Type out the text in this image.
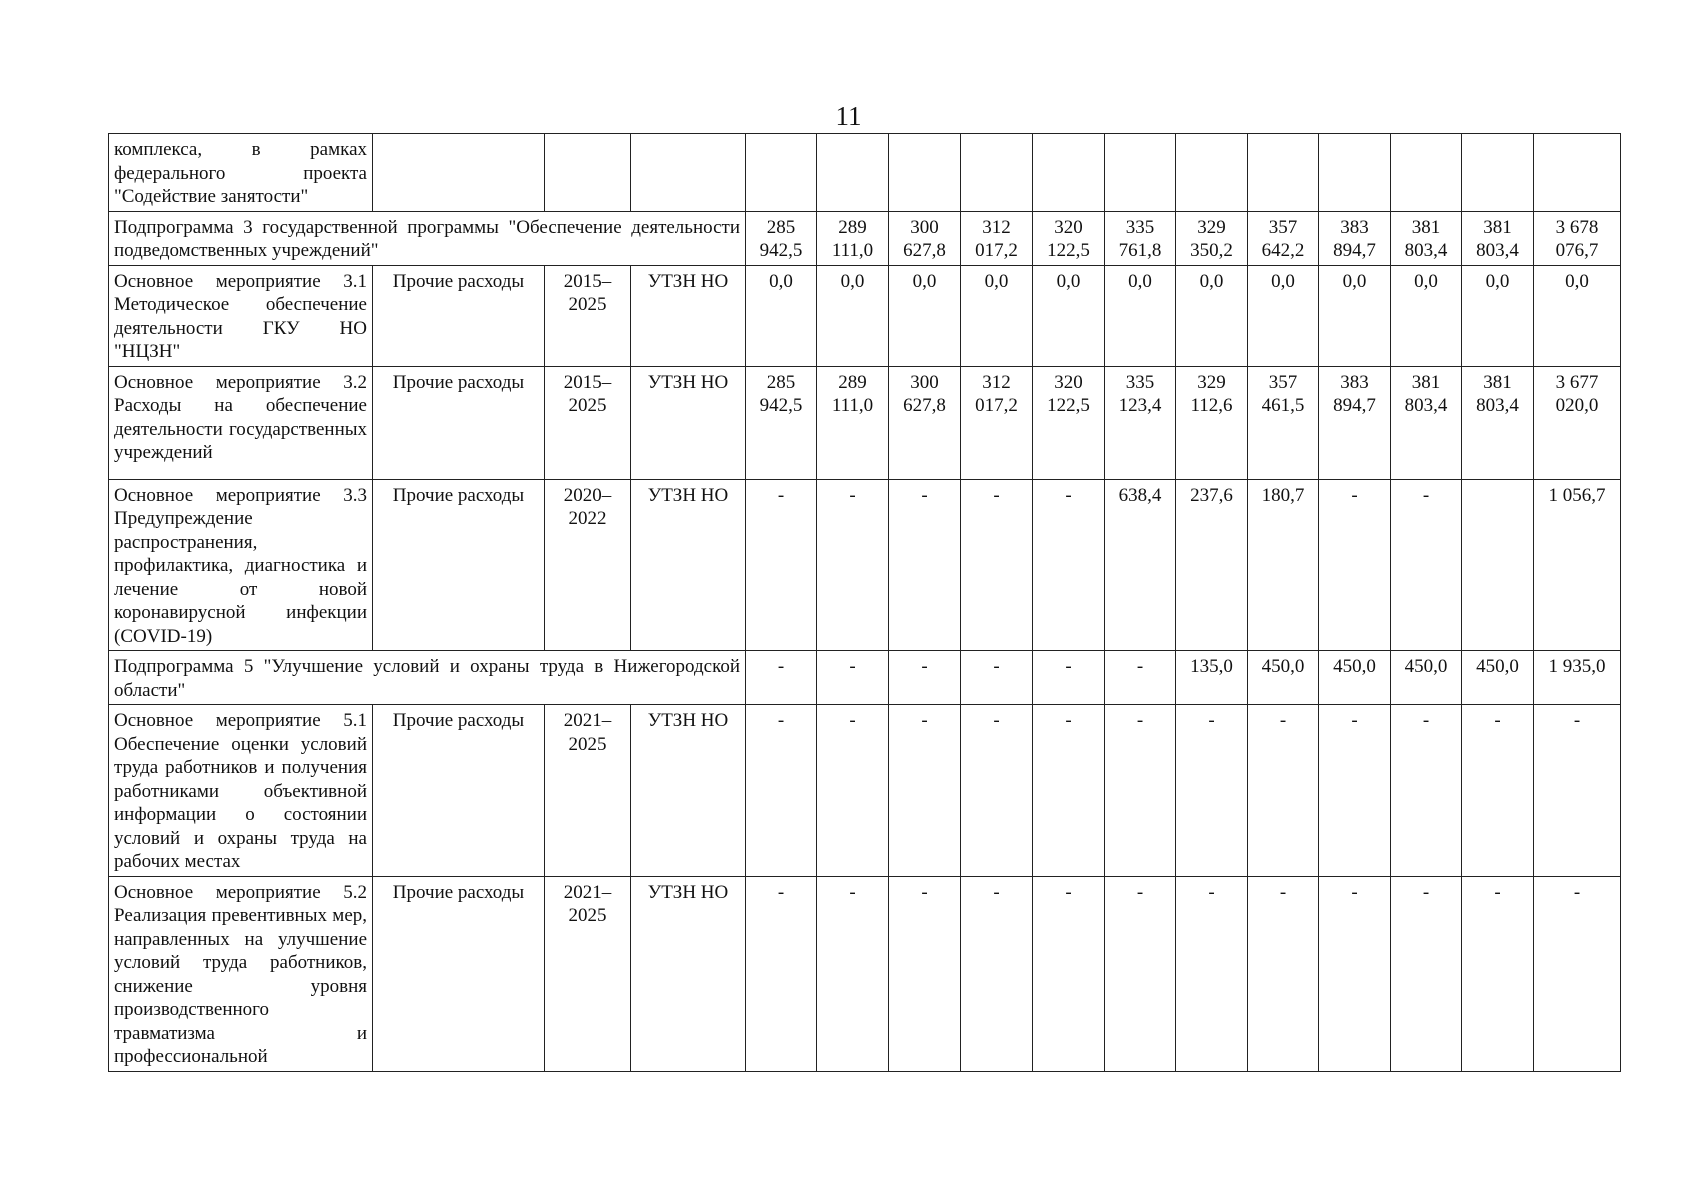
11
комплекса, в рамках федерального проекта "Содействие занятости"															
Подпрограмма 3 государственной программы "Обеспечение деятельности подведомственных учреждений"				285 942,5	289 111,0	300 627,8	312 017,2	320 122,5	335 761,8	329 350,2	357 642,2	383 894,7	381 803,4	381 803,4	3 678 076,7
Основное мероприятие 3.1 Методическое обеспечение деятельности ГКУ НО "НЦЗН"	Прочие расходы	2015–2025	УТЗН НО	0,0	0,0	0,0	0,0	0,0	0,0	0,0	0,0	0,0	0,0	0,0	0,0
Основное мероприятие 3.2 Расходы на обеспечение деятельности государственных учреждений	Прочие расходы	2015–2025	УТЗН НО	285 942,5	289 111,0	300 627,8	312 017,2	320 122,5	335 123,4	329 112,6	357 461,5	383 894,7	381 803,4	381 803,4	3 677 020,0
Основное мероприятие 3.3 Предупреждение распространения, профилактика, диагностика и лечение от новой коронавирусной инфекции (COVID-19)	Прочие расходы	2020–2022	УТЗН НО	-	-	-	-	-	638,4	237,6	180,7	-	-		1 056,7
Подпрограмма 5 "Улучшение условий и охраны труда в Нижегородской области"				-	-	-	-	-	-	135,0	450,0	450,0	450,0	450,0	1 935,0
Основное мероприятие 5.1 Обеспечение оценки условий труда работников и получения работниками объективной информации о состоянии условий и охраны труда на рабочих местах	Прочие расходы	2021–2025	УТЗН НО	-	-	-	-	-	-	-	-	-	-	-	-
Основное мероприятие 5.2 Реализация превентивных мер, направленных на улучшение условий труда работников, снижение уровня производственного травматизма и профессиональной	Прочие расходы	2021–2025	УТЗН НО	-	-	-	-	-	-	-	-	-	-	-	-
